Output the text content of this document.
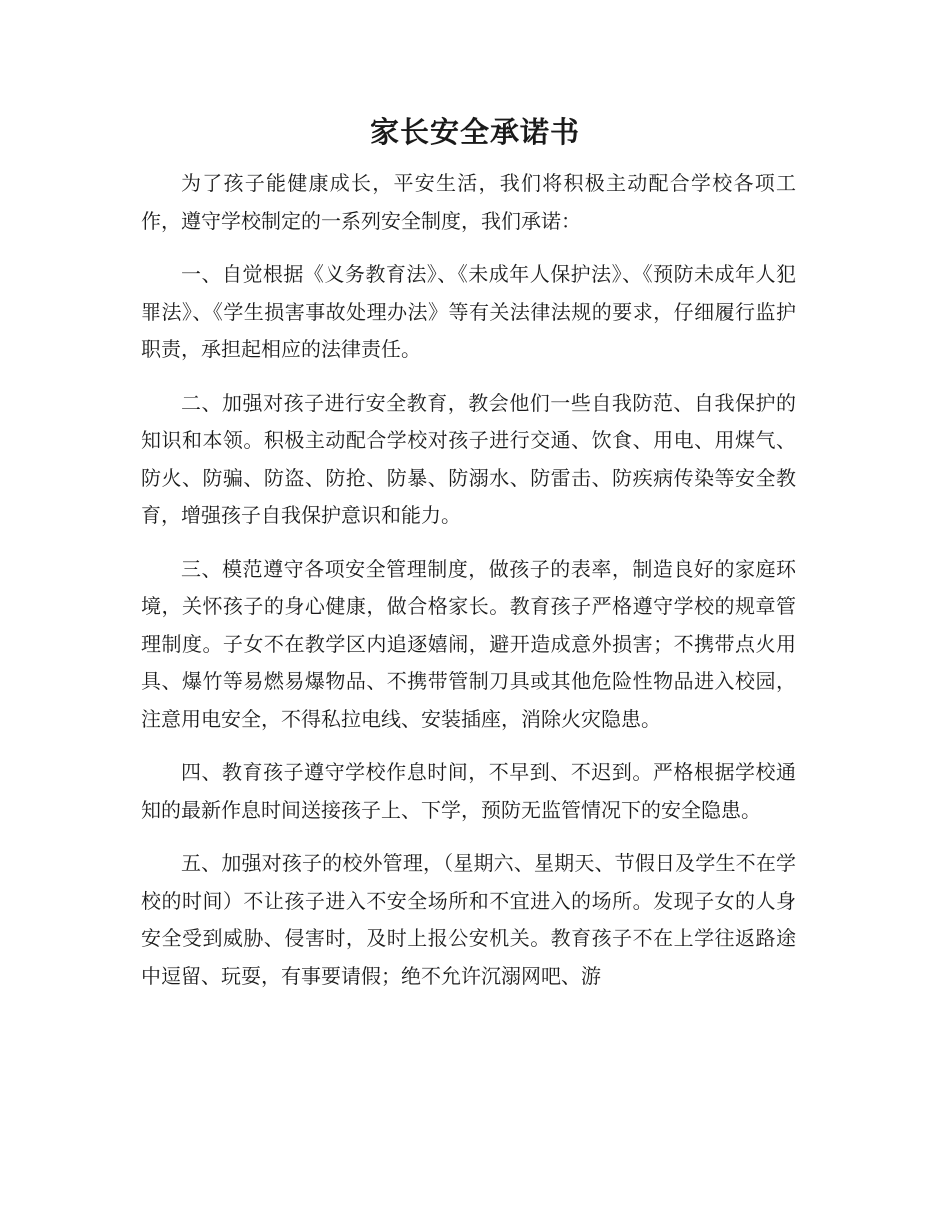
家长安全承诺书

为了孩子能健康成长，平安生活，我们将积极主动配合学校各项工作，遵守学校制定的一系列安全制度，我们承诺：

一、自觉根据《义务教育法》、《未成年人保护法》、《预防未成年人犯罪法》、《学生损害事故处理办法》等有关法律法规的要求，仔细履行监护职责，承担起相应的法律责任。

二、加强对孩子进行安全教育，教会他们一些自我防范、自我保护的知识和本领。积极主动配合学校对孩子进行交通、饮食、用电、用煤气、防火、防骗、防盗、防抢、防暴、防溺水、防雷击、防疾病传染等安全教育，增强孩子自我保护意识和能力。

三、模范遵守各项安全管理制度，做孩子的表率，制造良好的家庭环境，关怀孩子的身心健康，做合格家长。教育孩子严格遵守学校的规章管理制度。子女不在教学区内追逐嬉闹，避开造成意外损害；不携带点火用具、爆竹等易燃易爆物品、不携带管制刀具或其他危险性物品进入校园，注意用电安全，不得私拉电线、安装插座，消除火灾隐患。

四、教育孩子遵守学校作息时间，不早到、不迟到。严格根据学校通知的最新作息时间送接孩子上、下学，预防无监管情况下的安全隐患。

五、加强对孩子的校外管理，（星期六、星期天、节假日及学生不在学校的时间）不让孩子进入不安全场所和不宜进入的场所。发现子女的人身安全受到威胁、侵害时，及时上报公安机关。教育孩子不在上学往返路途中逗留、玩耍，有事要请假；绝不允许沉溺网吧、游
